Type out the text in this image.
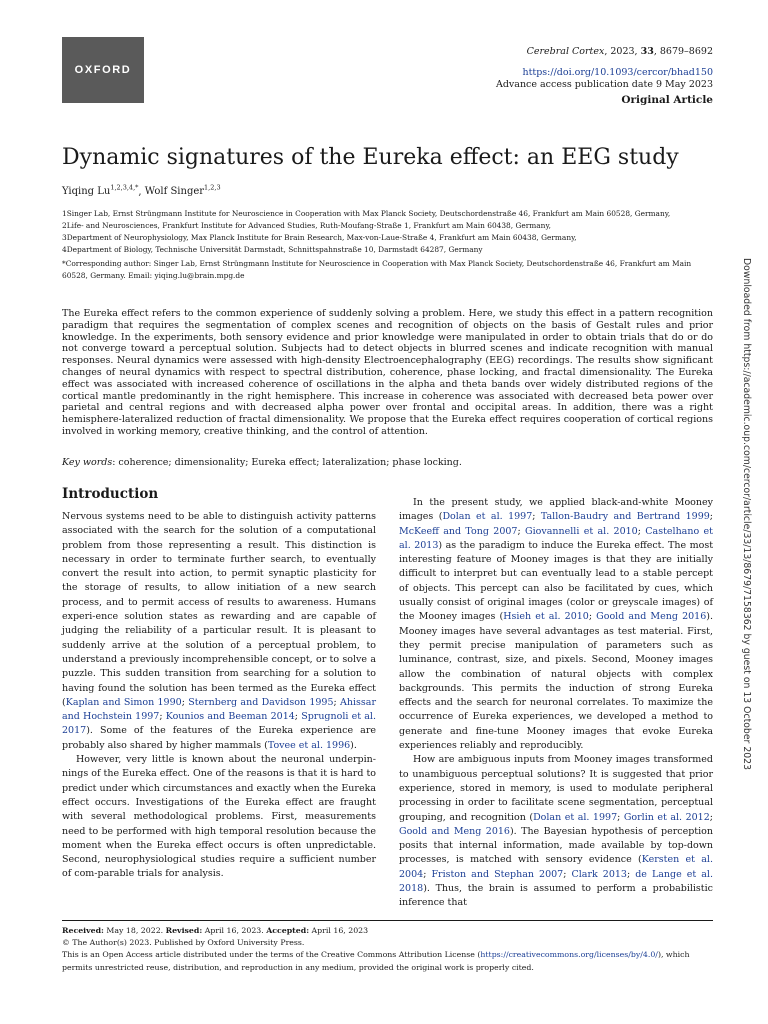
OXFORD
Cerebral Cortex, 2023, 33, 8679–8692
https://doi.org/10.1093/cercor/bhad150
Advance access publication date 9 May 2023
Original Article
Dynamic signatures of the Eureka effect: an EEG study
Yiqing Lu$^{1,2,3,4,*}$, Wolf Singer$^{1,2,3}$
1Singer Lab, Ernst Strüngmann Institute for Neuroscience in Cooperation with Max Planck Society, Deutschordenstraße 46, Frankfurt am Main 60528, Germany,
2Life- and Neurosciences, Frankfurt Institute for Advanced Studies, Ruth-Moufang-Straße 1, Frankfurt am Main 60438, Germany,
3Department of Neurophysiology, Max Planck Institute for Brain Research, Max-von-Laue-Straße 4, Frankfurt am Main 60438, Germany,
4Department of Biology, Technische Universität Darmstadt, Schnittspahnstraße 10, Darmstadt 64287, Germany
*Corresponding author: Singer Lab, Ernst Strüngmann Institute for Neuroscience in Cooperation with Max Planck Society, Deutschordenstraße 46, Frankfurt am Main 60528, Germany. Email: yiqing.lu@brain.mpg.de

The Eureka effect refers to the common experience of suddenly solving a problem. Here, we study this effect in a pattern recognition paradigm that requires the segmentation of complex scenes and recognition of objects on the basis of Gestalt rules and prior knowledge. In the experiments, both sensory evidence and prior knowledge were manipulated in order to obtain trials that do or do not converge toward a perceptual solution. Subjects had to detect objects in blurred scenes and indicate recognition with manual responses. Neural dynamics were assessed with high-density Electroencephalography (EEG) recordings. The results show significant changes of neural dynamics with respect to spectral distribution, coherence, phase locking, and fractal dimensionality. The Eureka effect was associated with increased coherence of oscillations in the alpha and theta bands over widely distributed regions of the cortical mantle predominantly in the right hemisphere. This increase in coherence was associated with decreased beta power over parietal and central regions and with decreased alpha power over frontal and occipital areas. In addition, there was a right hemisphere-lateralized reduction of fractal dimensionality. We propose that the Eureka effect requires cooperation of cortical regions involved in working memory, creative thinking, and the control of attention.

Key words: coherence; dimensionality; Eureka effect; lateralization; phase locking.
Introduction

Nervous systems need to be able to distinguish activity patterns associated with the search for the solution of a computational problem from those representing a result. This distinction is necessary in order to terminate further search, to eventually convert the result into action, to permit synaptic plasticity for the storage of results, to allow initiation of a new search process, and to permit access of results to awareness. Humans experi-ence solution states as rewarding and are capable of judging the reliability of a particular result. It is pleasant to suddenly arrive at the solution of a perceptual problem, to understand a previously incomprehensible concept, or to solve a puzzle. This sudden transition from searching for a solution to having found the solution has been termed as the Eureka effect (Kaplan and Simon 1990; Sternberg and Davidson 1995; Ahissar and Hochstein 1997; Kounios and Beeman 2014; Sprugnoli et al. 2017). Some of the features of the Eureka experience are probably also shared by higher mammals (Tovee et al. 1996).

However, very little is known about the neuronal underpin-nings of the Eureka effect. One of the reasons is that it is hard to predict under which circumstances and exactly when the Eureka effect occurs. Investigations of the Eureka effect are fraught with several methodological problems. First, measurements need to be performed with high temporal resolution because the moment when the Eureka effect occurs is often unpredictable. Second, neurophysiological studies require a sufficient number of com-parable trials for analysis.

In the present study, we applied black-and-white Mooney images (Dolan et al. 1997; Tallon-Baudry and Bertrand 1999; McKeeff and Tong 2007; Giovannelli et al. 2010; Castelhano et al. 2013) as the paradigm to induce the Eureka effect. The most interesting feature of Mooney images is that they are initially difficult to interpret but can eventually lead to a stable percept of objects. This percept can also be facilitated by cues, which usually consist of original images (color or greyscale images) of the Mooney images (Hsieh et al. 2010; Goold and Meng 2016). Mooney images have several advantages as test material. First, they permit precise manipulation of parameters such as luminance, contrast, size, and pixels. Second, Mooney images allow the combination of natural objects with complex backgrounds. This permits the induction of strong Eureka effects and the search for neuronal correlates. To maximize the occurrence of Eureka experiences, we developed a method to generate and fine-tune Mooney images that evoke Eureka experiences reliably and reproducibly.

How are ambiguous inputs from Mooney images transformed to unambiguous perceptual solutions? It is suggested that prior experience, stored in memory, is used to modulate peripheral processing in order to facilitate scene segmentation, perceptual grouping, and recognition (Dolan et al. 1997; Gorlin et al. 2012; Goold and Meng 2016). The Bayesian hypothesis of perception posits that internal information, made available by top-down processes, is matched with sensory evidence (Kersten et al. 2004; Friston and Stephan 2007; Clark 2013; de Lange et al. 2018). Thus, the brain is assumed to perform a probabilistic inference that

Received: May 18, 2022. Revised: April 16, 2023. Accepted: April 16, 2023
© The Author(s) 2023. Published by Oxford University Press.
This is an Open Access article distributed under the terms of the Creative Commons Attribution License (https://creativecommons.org/licenses/by/4.0/), which permits unrestricted reuse, distribution, and reproduction in any medium, provided the original work is properly cited.
Downloaded from https://academic.oup.com/cercor/article/33/13/8679/7158362 by guest on 13 October 2023
